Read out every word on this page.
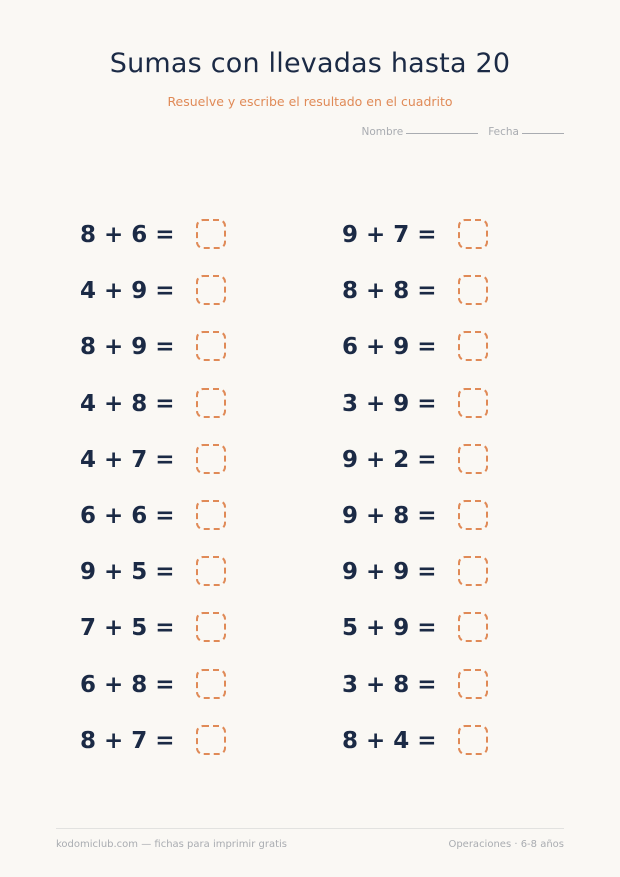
Sumas con llevadas hasta 20
Resuelve y escribe el resultado en el cuadrito
Nombre	Fecha
8 + 6 =
4 + 9 =
8 + 9 =
4 + 8 =
4 + 7 =
6 + 6 =
9 + 5 =
7 + 5 =
6 + 8 =
8 + 7 =
9 + 7 =
8 + 8 =
6 + 9 =
3 + 9 =
9 + 2 =
9 + 8 =
9 + 9 =
5 + 9 =
3 + 8 =
8 + 4 =
kodomiclub.com — fichas para imprimir gratis	Operaciones · 6-8 años
